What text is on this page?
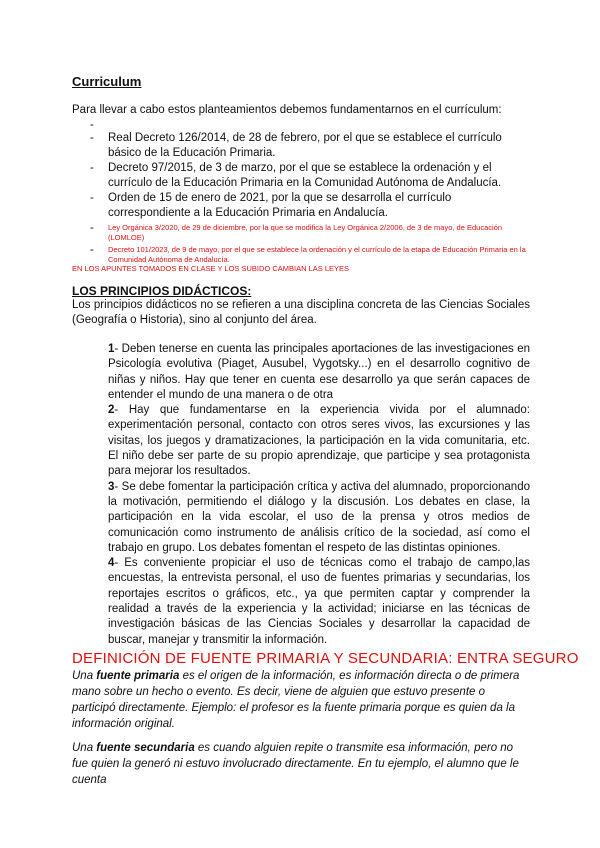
Curriculum
Para llevar a cabo estos planteamientos debemos fundamentarnos en el currículum:
-
- Real Decreto 126/2014, de 28 de febrero, por el que se establece el currículo básico de la Educación Primaria.
- Decreto 97/2015, de 3 de marzo, por el que se establece la ordenación y el currículo de la Educación Primaria en la Comunidad Autónoma de Andalucía.
- Orden de 15 de enero de 2021, por la que se desarrolla el currículo correspondiente a la Educación Primaria en Andalucía.
- Ley Orgánica 3/2020, de 29 de diciembre, por la que se modifica la Ley Orgánica 2/2006, de 3 de mayo, de Educación (LOMLOE)
- Decreto 101/2023, de 9 de mayo, por el que se establece la ordenación y el currículo de la etapa de Educación Primaria en la Comunidad Autónoma de Andalucía.
EN LOS APUNTES TOMADOS EN CLASE Y LOS SUBIDO CAMBIAN LAS LEYES
LOS PRINCIPIOS DIDÁCTICOS:
Los principios didácticos no se refieren a una disciplina concreta de las Ciencias Sociales (Geografía o Historia), sino al conjunto del área.
1- Deben tenerse en cuenta las principales aportaciones de las investigaciones en Psicología evolutiva (Piaget, Ausubel, Vygotsky...) en el desarrollo cognitivo de niñas y niños. Hay que tener en cuenta ese desarrollo ya que serán capaces de entender el mundo de una manera o de otra
2- Hay que fundamentarse en la experiencia vivida por el alumnado: experimentación personal, contacto con otros seres vivos, las excursiones y las visitas, los juegos y dramatizaciones, la participación en la vida comunitaria, etc. El niño debe ser parte de su propio aprendizaje, que participe y sea protagonista para mejorar los resultados.
3- Se debe fomentar la participación crítica y activa del alumnado, proporcionando la motivación, permitiendo el diálogo y la discusión. Los debates en clase, la participación en la vida escolar, el uso de la prensa y otros medios de comunicación como instrumento de análisis crítico de la sociedad, así como el trabajo en grupo. Los debates fomentan el respeto de las distintas opiniones.
4- Es conveniente propiciar el uso de técnicas como el trabajo de campo,las encuestas, la entrevista personal, el uso de fuentes primarias y secundarias, los reportajes escritos o gráficos, etc., ya que permiten captar y comprender la realidad a través de la experiencia y la actividad; iniciarse en las técnicas de investigación básicas de las Ciencias Sociales y desarrollar la capacidad de buscar, manejar y transmitir la información.
DEFINICIÓN DE FUENTE PRIMARIA Y SECUNDARIA: ENTRA SEGURO
Una fuente primaria es el origen de la información, es información directa o de primera mano sobre un hecho o evento. Es decir, viene de alguien que estuvo presente o participó directamente. Ejemplo: el profesor es la fuente primaria porque es quien da la información original.
Una fuente secundaria es cuando alguien repite o transmite esa información, pero no fue quien la generó ni estuvo involucrado directamente. En tu ejemplo, el alumno que le cuenta
